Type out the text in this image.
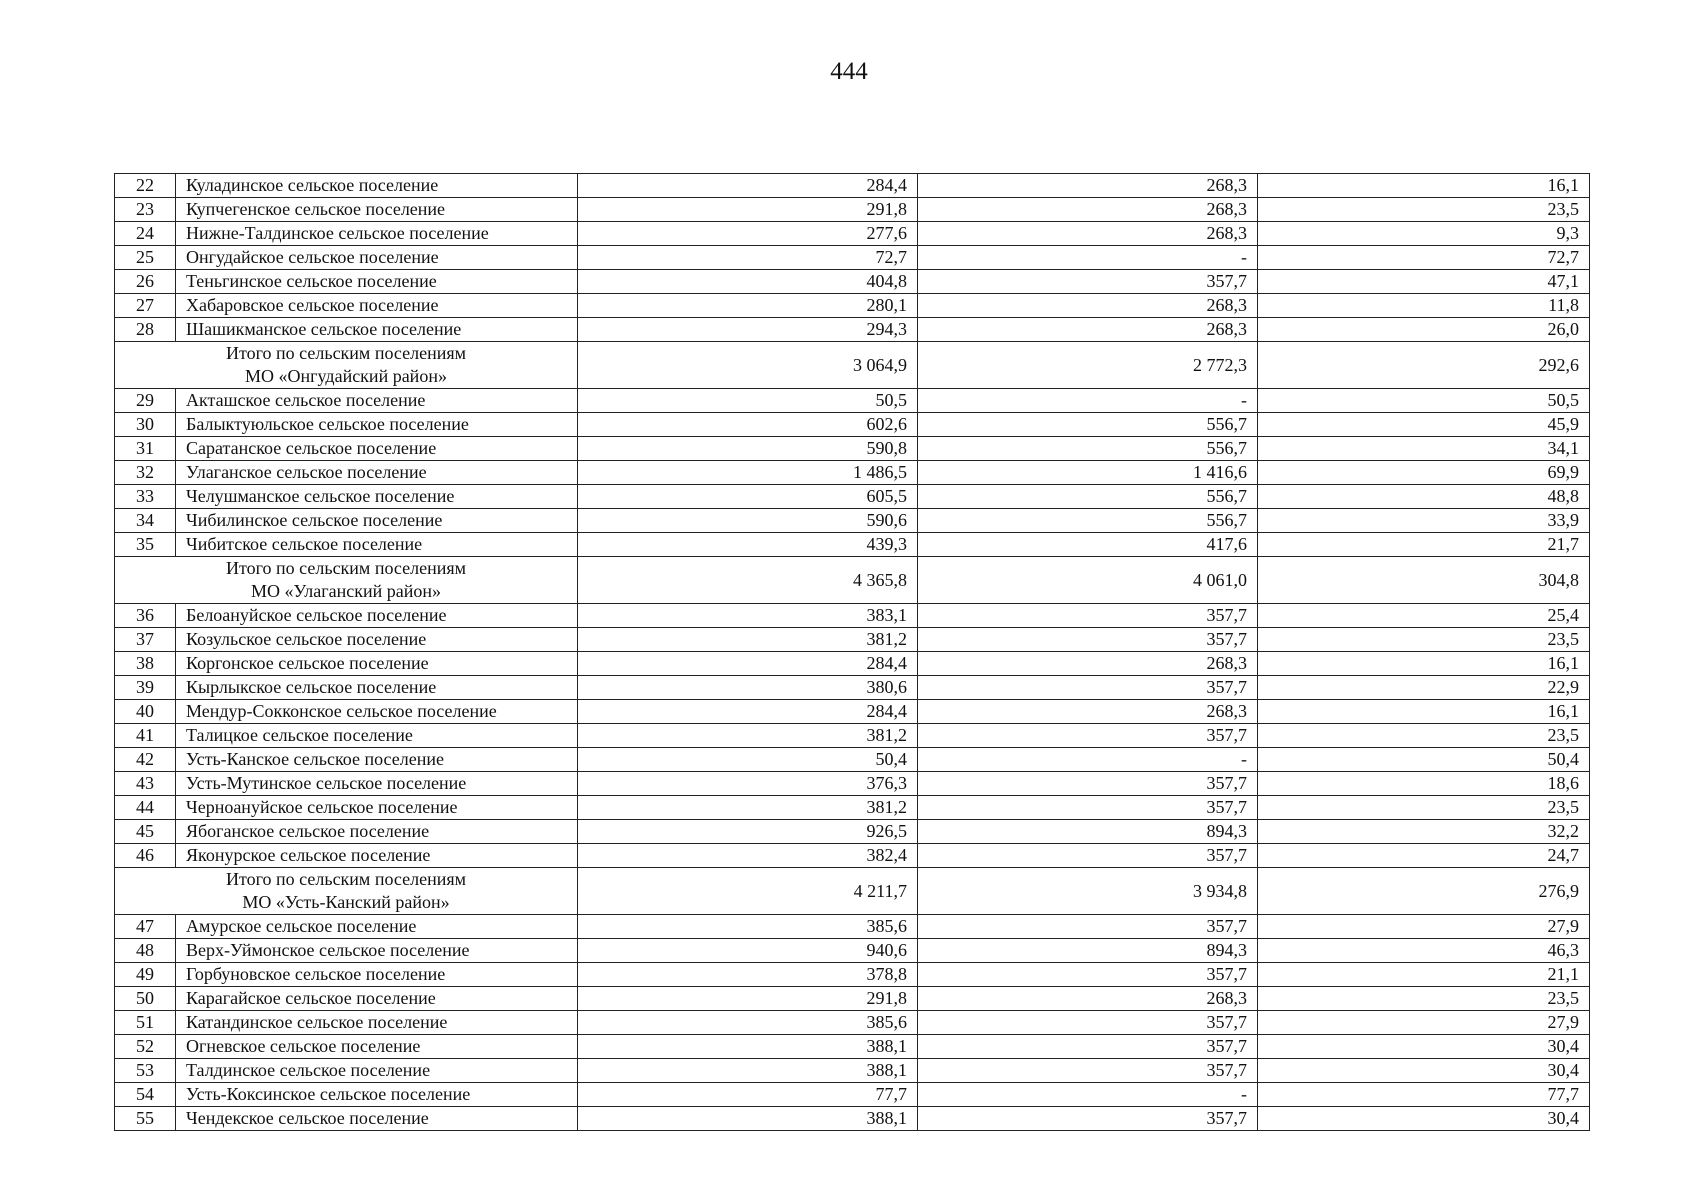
444
22	Куладинское сельское поселение	284,4	268,3	16,1
23	Купчегенское сельское поселение	291,8	268,3	23,5
24	Нижне-Талдинское сельское поселение	277,6	268,3	9,3
25	Онгудайское сельское поселение	72,7	-	72,7
26	Теньгинское сельское поселение	404,8	357,7	47,1
27	Хабаровское сельское поселение	280,1	268,3	11,8
28	Шашикманское сельское поселение	294,3	268,3	26,0

Итого по сельским поселениям
МО «Онгудайский район»		3 064,9	2 772,3	292,6
29	Акташское сельское поселение	50,5	-	50,5
30	Балыктуюльское сельское поселение	602,6	556,7	45,9
31	Саратанское сельское поселение	590,8	556,7	34,1
32	Улаганское сельское поселение	1 486,5	1 416,6	69,9
33	Челушманское сельское поселение	605,5	556,7	48,8
34	Чибилинское сельское поселение	590,6	556,7	33,9
35	Чибитское сельское поселение	439,3	417,6	21,7

Итого по сельским поселениям
МО «Улаганский район»		4 365,8	4 061,0	304,8
36	Белоануйское сельское поселение	383,1	357,7	25,4
37	Козульское сельское поселение	381,2	357,7	23,5
38	Коргонское сельское поселение	284,4	268,3	16,1
39	Кырлыкское сельское поселение	380,6	357,7	22,9
40	Мендур-Сокконское сельское поселение	284,4	268,3	16,1
41	Талицкое сельское поселение	381,2	357,7	23,5
42	Усть-Канское сельское поселение	50,4	-	50,4
43	Усть-Мутинское сельское поселение	376,3	357,7	18,6
44	Черноануйское сельское поселение	381,2	357,7	23,5
45	Ябоганское сельское поселение	926,5	894,3	32,2
46	Яконурское сельское поселение	382,4	357,7	24,7

Итого по сельским поселениям
МО «Усть-Канский район»		4 211,7	3 934,8	276,9
47	Амурское сельское поселение	385,6	357,7	27,9
48	Верх-Уймонское сельское поселение	940,6	894,3	46,3
49	Горбуновское сельское поселение	378,8	357,7	21,1
50	Карагайское сельское поселение	291,8	268,3	23,5
51	Катандинское сельское поселение	385,6	357,7	27,9
52	Огневское сельское поселение	388,1	357,7	30,4
53	Талдинское сельское поселение	388,1	357,7	30,4
54	Усть-Коксинское сельское поселение	77,7	-	77,7
55	Чендекское сельское поселение	388,1	357,7	30,4
